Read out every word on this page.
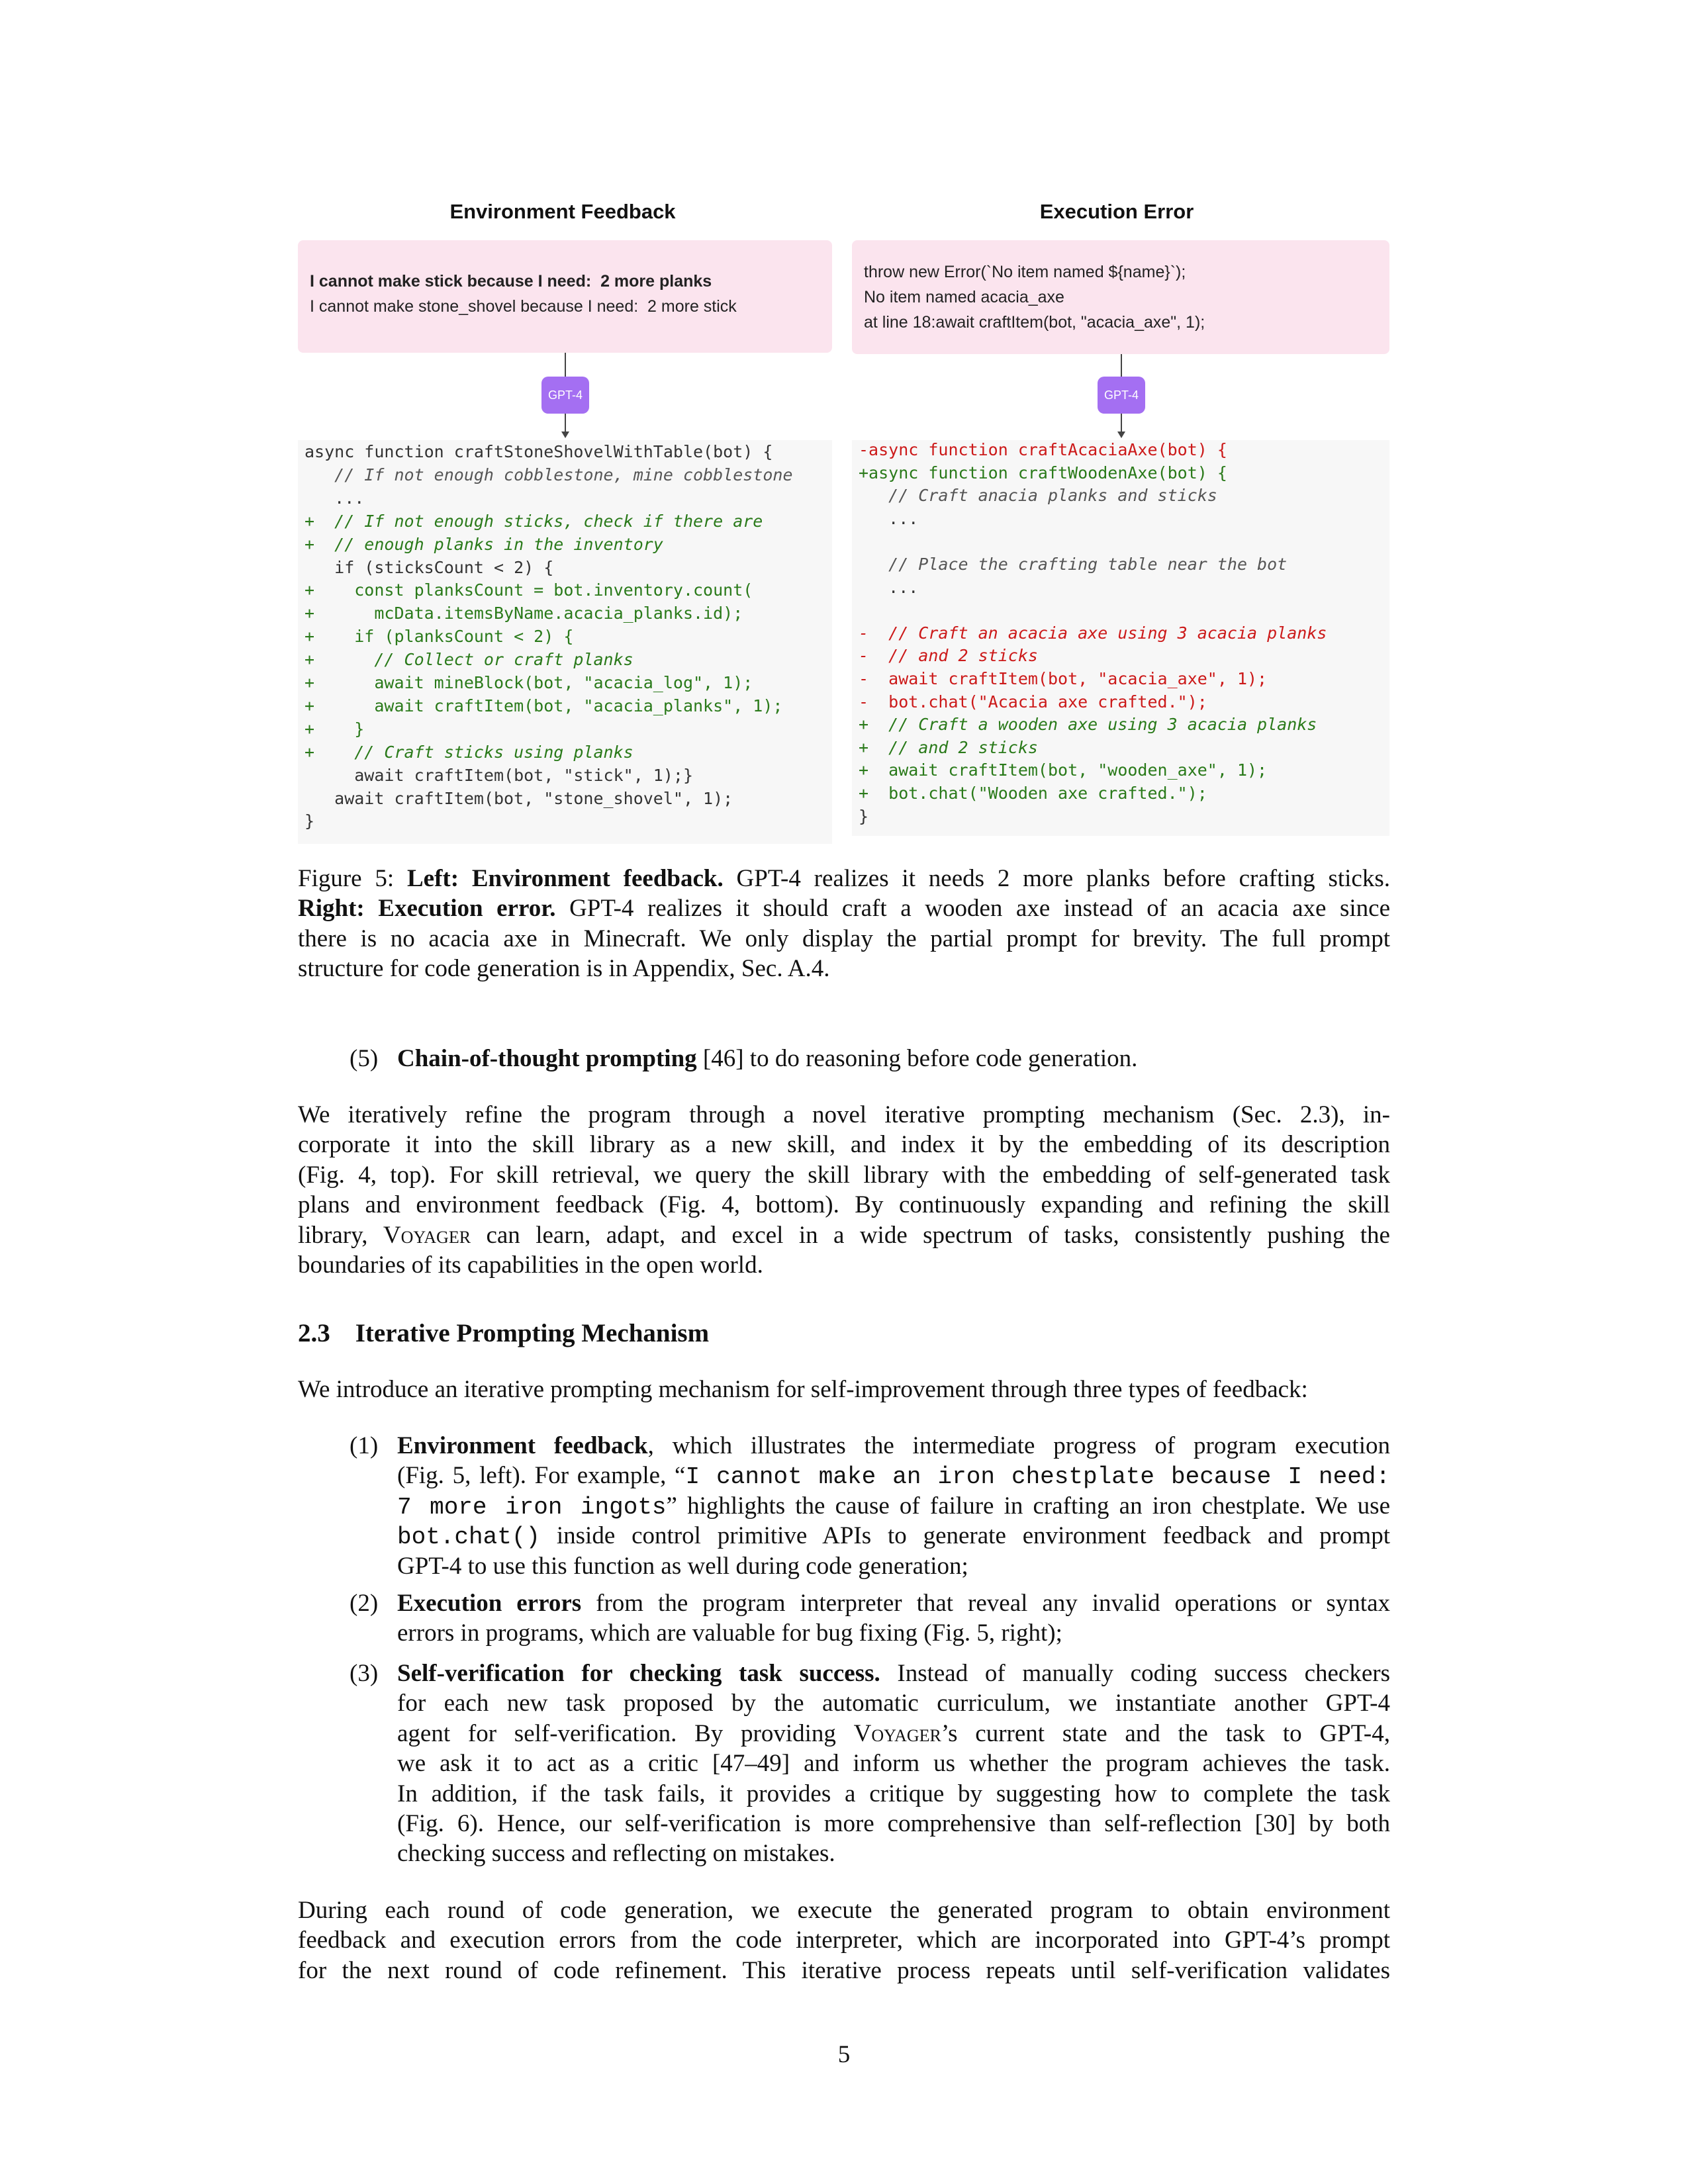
Environment Feedback
I cannot make stick because I need:  2 more planks
I cannot make stone_shovel because I need:  2 more stick
GPT-4
async function craftStoneShovelWithTable(bot) {
// If not enough cobblestone, mine cobblestone
...
+  // If not enough sticks, check if there are
+  // enough planks in the inventory
if (sticksCount < 2) {
+    const planksCount = bot.inventory.count(
+      mcData.itemsByName.acacia_planks.id);
+    if (planksCount < 2) {
+      // Collect or craft planks
+      await mineBlock(bot, "acacia_log", 1);
+      await craftItem(bot, "acacia_planks", 1);
+    }
+    // Craft sticks using planks
await craftItem(bot, "stick", 1);}
await craftItem(bot, "stone_shovel", 1);
}
Execution Error
throw new Error(`No item named ${name}`);
No item named acacia_axe
at line 18:await craftItem(bot, "acacia_axe", 1);
GPT-4
-async function craftAcaciaAxe(bot) {
+async function craftWoodenAxe(bot) {
// Craft anacia planks and sticks
...
// Place the crafting table near the bot
...
-  // Craft an acacia axe using 3 acacia planks
-  // and 2 sticks
-  await craftItem(bot, "acacia_axe", 1);
-  bot.chat("Acacia axe crafted.");
+  // Craft a wooden axe using 3 acacia planks
+  // and 2 sticks
+  await craftItem(bot, "wooden_axe", 1);
+  bot.chat("Wooden axe crafted.");
}
Figure 5: Left: Environment feedback. GPT-4 realizes it needs 2 more planks before crafting sticks.
Right: Execution error. GPT-4 realizes it should craft a wooden axe instead of an acacia axe since
there is no acacia axe in Minecraft. We only display the partial prompt for brevity. The full prompt
structure for code generation is in Appendix, Sec. A.4.
(5) Chain-of-thought prompting [46] to do reasoning before code generation.
We iteratively refine the program through a novel iterative prompting mechanism (Sec. 2.3), in-
corporate it into the skill library as a new skill, and index it by the embedding of its description
(Fig. 4, top). For skill retrieval, we query the skill library with the embedding of self-generated task
plans and environment feedback (Fig. 4, bottom). By continuously expanding and refining the skill
library, Voyager can learn, adapt, and excel in a wide spectrum of tasks, consistently pushing the
boundaries of its capabilities in the open world.
2.3 Iterative Prompting Mechanism
We introduce an iterative prompting mechanism for self-improvement through three types of feedback:
(1) Environment feedback, which illustrates the intermediate progress of program execution
(Fig. 5, left). For example, “I cannot make an iron chestplate because I need:
7 more iron ingots” highlights the cause of failure in crafting an iron chestplate. We use
bot.chat() inside control primitive APIs to generate environment feedback and prompt
GPT-4 to use this function as well during code generation;
(2) Execution errors from the program interpreter that reveal any invalid operations or syntax
errors in programs, which are valuable for bug fixing (Fig. 5, right);
(3) Self-verification for checking task success. Instead of manually coding success checkers
for each new task proposed by the automatic curriculum, we instantiate another GPT-4
agent for self-verification. By providing Voyager’s current state and the task to GPT-4,
we ask it to act as a critic [47–49] and inform us whether the program achieves the task.
In addition, if the task fails, it provides a critique by suggesting how to complete the task
(Fig. 6). Hence, our self-verification is more comprehensive than self-reflection [30] by both
checking success and reflecting on mistakes.
During each round of code generation, we execute the generated program to obtain environment
feedback and execution errors from the code interpreter, which are incorporated into GPT-4’s prompt
for the next round of code refinement. This iterative process repeats until self-verification validates
5
